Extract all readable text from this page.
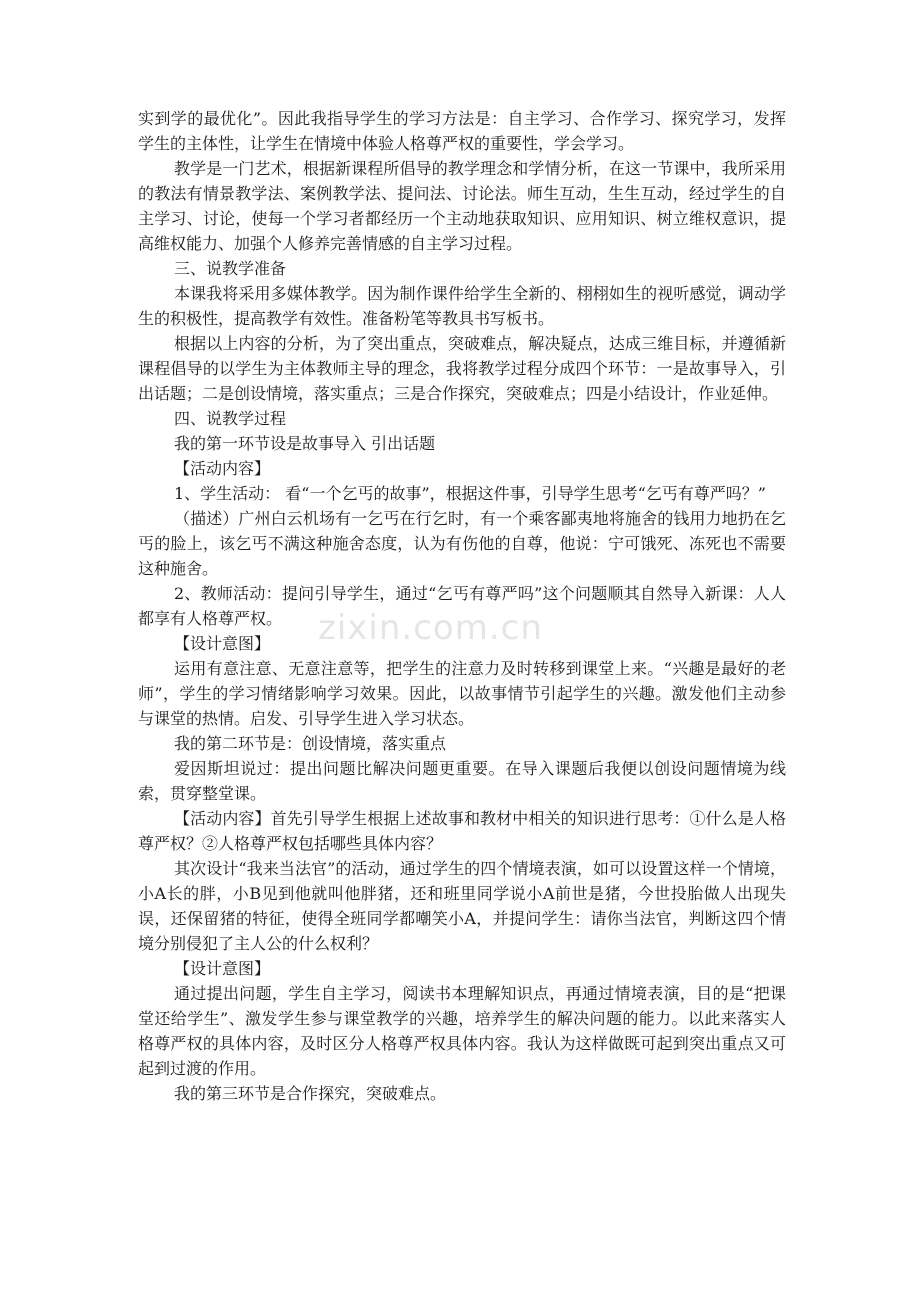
实到学的最优化”。因此我指导学生的学习方法是：自主学习、合作学习、探究学习，发挥学生的主体性，让学生在情境中体验人格尊严权的重要性，学会学习。

教学是一门艺术，根据新课程所倡导的教学理念和学情分析，在这一节课中，我所采用的教法有情景教学法、案例教学法、提问法、讨论法。师生互动，生生互动，经过学生的自主学习、讨论，使每一个学习者都经历一个主动地获取知识、应用知识、树立维权意识，提高维权能力、加强个人修养完善情感的自主学习过程。

三、说教学准备

本课我将采用多媒体教学。因为制作课件给学生全新的、栩栩如生的视听感觉，调动学生的积极性，提高教学有效性。准备粉笔等教具书写板书。

根据以上内容的分析，为了突出重点，突破难点，解决疑点，达成三维目标，并遵循新课程倡导的以学生为主体教师主导的理念，我将教学过程分成四个环节：一是故事导入，引出话题；二是创设情境，落实重点；三是合作探究，突破难点；四是小结设计，作业延伸。

四、说教学过程

我的第一环节设是故事导入 引出话题

【活动内容】

1、学生活动： 看“一个乞丐的故事”，根据这件事，引导学生思考“乞丐有尊严吗？”

（描述）广州白云机场有一乞丐在行乞时，有一个乘客鄙夷地将施舍的钱用力地扔在乞丐的脸上，该乞丐不满这种施舍态度，认为有伤他的自尊，他说：宁可饿死、冻死也不需要这种施舍。

2、教师活动：提问引导学生，通过“乞丐有尊严吗”这个问题顺其自然导入新课：人人都享有人格尊严权。

【设计意图】

运用有意注意、无意注意等，把学生的注意力及时转移到课堂上来。“兴趣是最好的老师”，学生的学习情绪影响学习效果。因此，以故事情节引起学生的兴趣。激发他们主动参与课堂的热情。启发、引导学生进入学习状态。

我的第二环节是：创设情境，落实重点

爱因斯坦说过：提出问题比解决问题更重要。在导入课题后我便以创设问题情境为线索，贯穿整堂课。

【活动内容】首先引导学生根据上述故事和教材中相关的知识进行思考：①什么是人格尊严权？②人格尊严权包括哪些具体内容？

其次设计“我来当法官”的活动，通过学生的四个情境表演，如可以设置这样一个情境，小A长的胖，小B见到他就叫他胖猪，还和班里同学说小A前世是猪，今世投胎做人出现失误，还保留猪的特征，使得全班同学都嘲笑小A，并提问学生：请你当法官，判断这四个情境分别侵犯了主人公的什么权利？

【设计意图】

通过提出问题，学生自主学习，阅读书本理解知识点，再通过情境表演，目的是“把课堂还给学生”、激发学生参与课堂教学的兴趣，培养学生的解决问题的能力。以此来落实人格尊严权的具体内容，及时区分人格尊严权具体内容。我认为这样做既可起到突出重点又可起到过渡的作用。

我的第三环节是合作探究，突破难点。

zixin.com.cn
